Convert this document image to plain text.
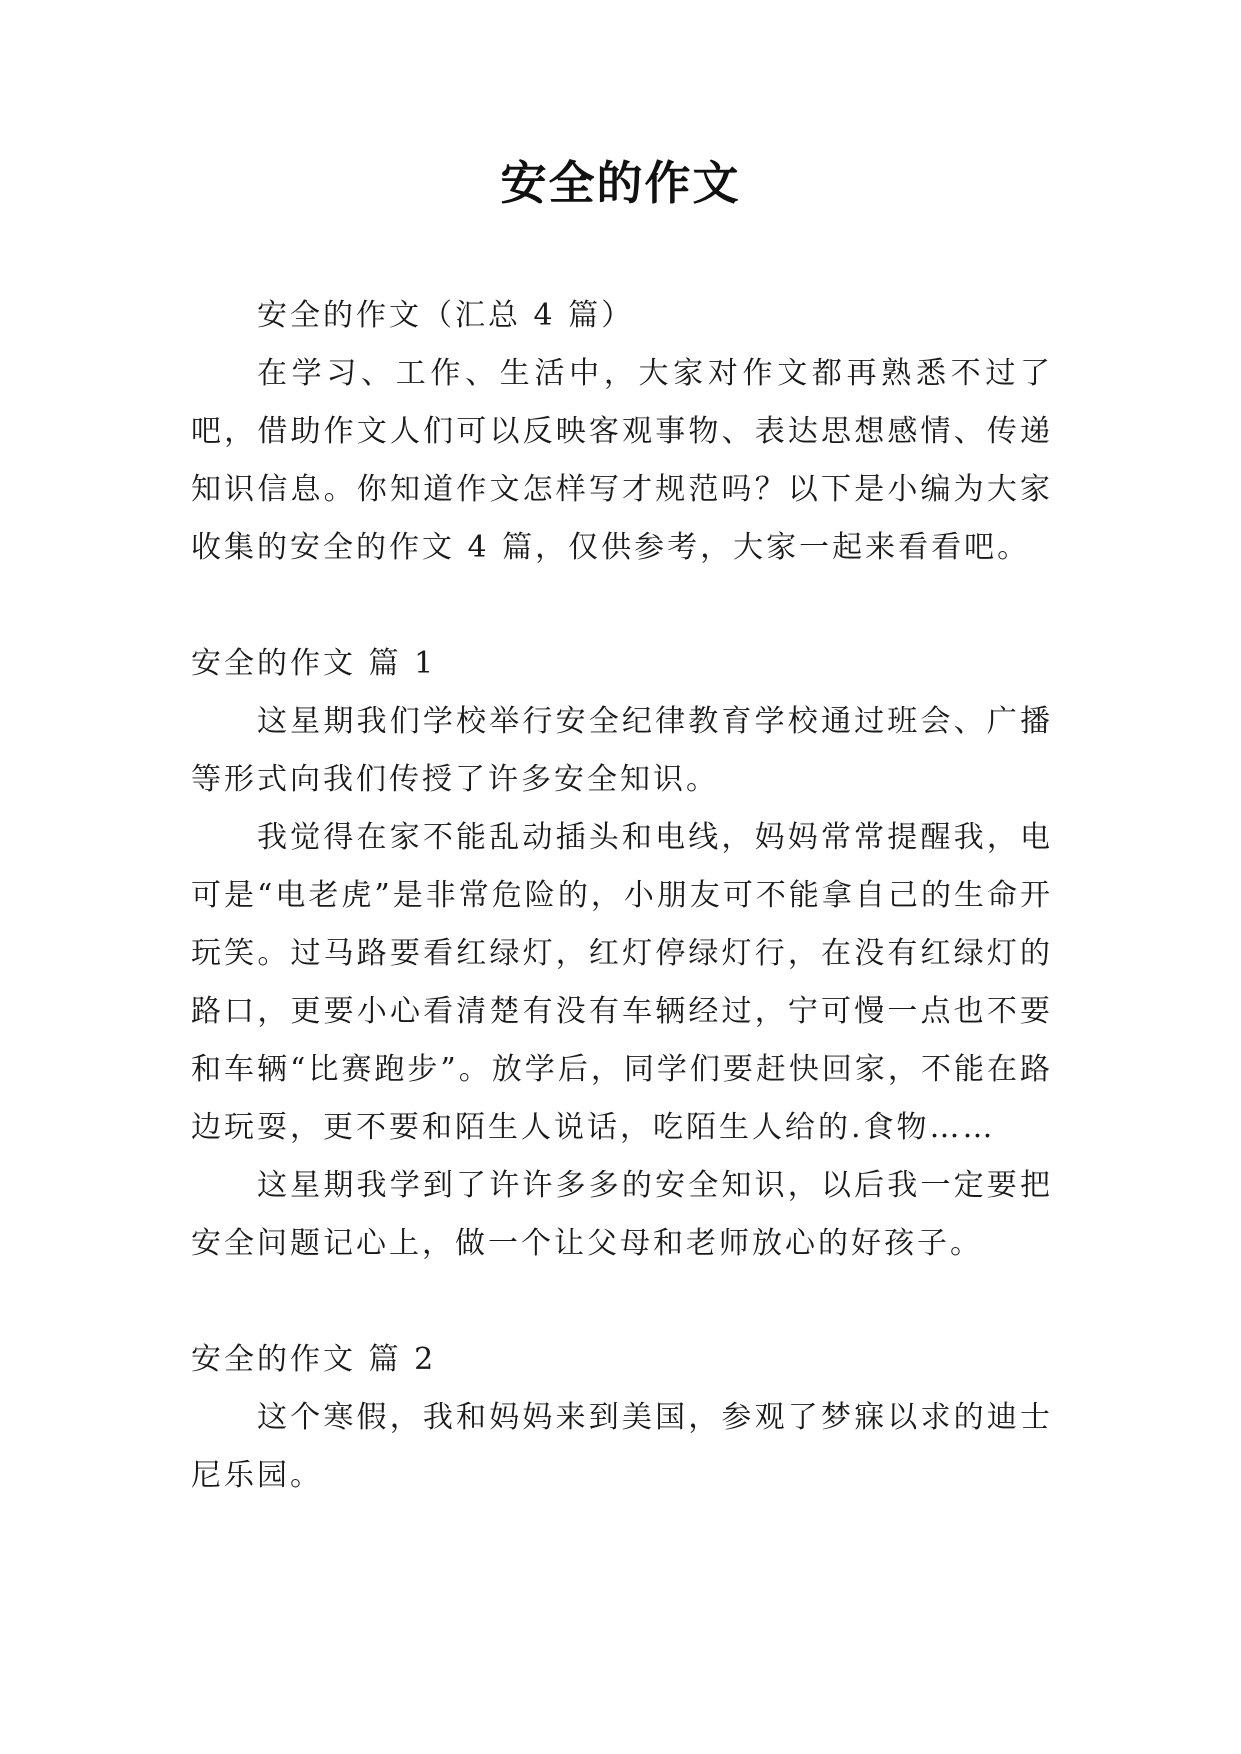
安全的作文

安全的作文（汇总 4 篇）

在学习、工作、生活中，大家对作文都再熟悉不过了吧，借助作文人们可以反映客观事物、表达思想感情、传递知识信息。你知道作文怎样写才规范吗？以下是小编为大家收集的安全的作文 4 篇，仅供参考，大家一起来看看吧。

安全的作文 篇 1

这星期我们学校举行安全纪律教育学校通过班会、广播等形式向我们传授了许多安全知识。

我觉得在家不能乱动插头和电线，妈妈常常提醒我，电可是“电老虎”是非常危险的，小朋友可不能拿自己的生命开玩笑。过马路要看红绿灯，红灯停绿灯行，在没有红绿灯的路口，更要小心看清楚有没有车辆经过，宁可慢一点也不要和车辆“比赛跑步”。放学后，同学们要赶快回家，不能在路边玩耍，更不要和陌生人说话，吃陌生人给的.食物……

这星期我学到了许许多多的安全知识，以后我一定要把安全问题记心上，做一个让父母和老师放心的好孩子。

安全的作文 篇 2

这个寒假，我和妈妈来到美国，参观了梦寐以求的迪士尼乐园。
